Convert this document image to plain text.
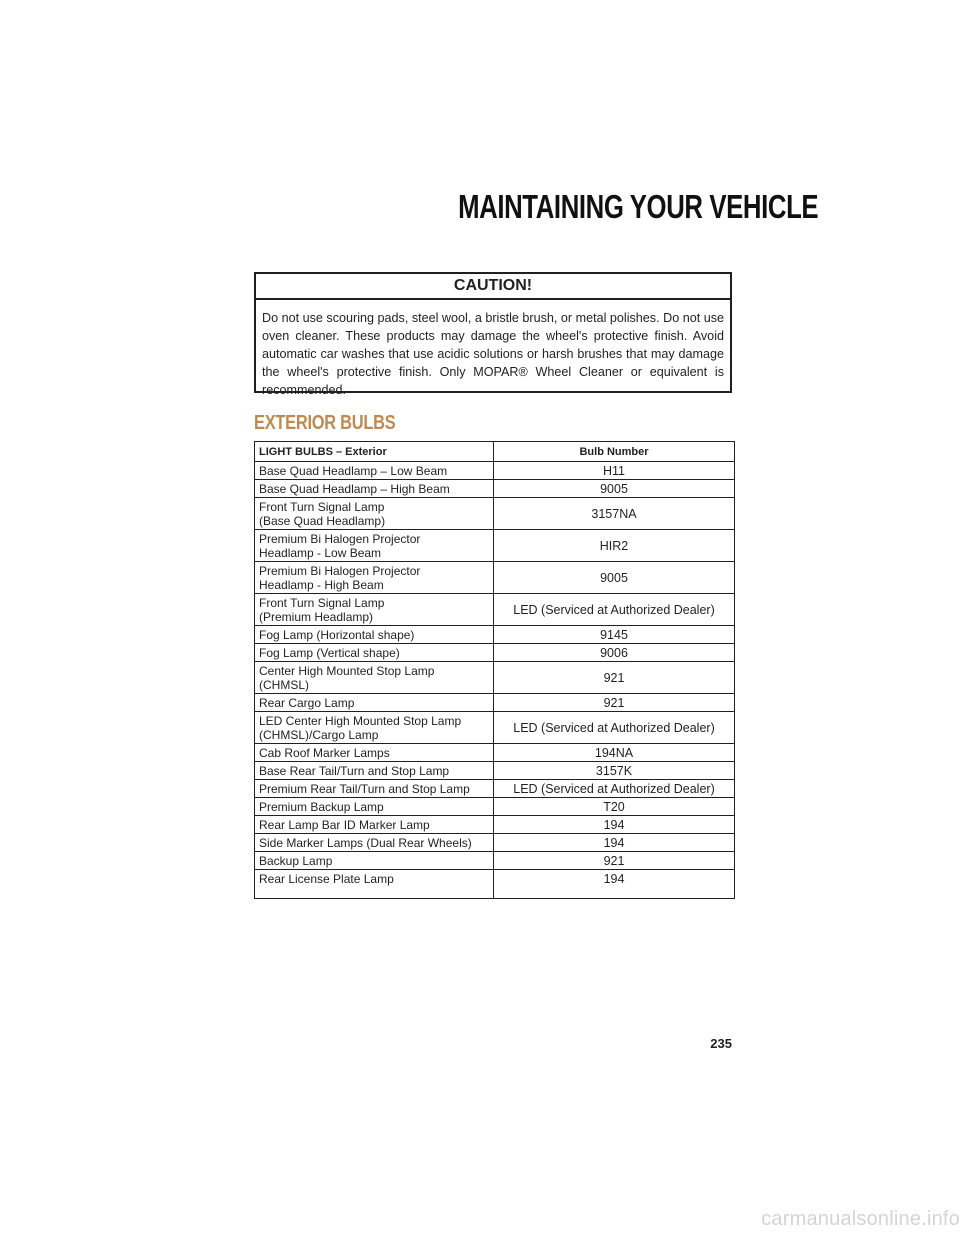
MAINTAINING YOUR VEHICLE
CAUTION!
Do not use scouring pads, steel wool, a bristle brush, or metal polishes. Do not use oven cleaner. These products may damage the wheel's protective finish. Avoid automatic car washes that use acidic solutions or harsh brushes that may damage the wheel's protective finish. Only MOPAR® Wheel Cleaner or equivalent is recommended.
EXTERIOR BULBS
LIGHT BULBS – Exterior	Bulb Number
Base Quad Headlamp – Low Beam	H11
Base Quad Headlamp – High Beam	9005
Front Turn Signal Lamp
(Base Quad Headlamp)	3157NA
Premium Bi Halogen Projector
Headlamp - Low Beam	HIR2
Premium Bi Halogen Projector
Headlamp - High Beam	9005
Front Turn Signal Lamp
(Premium Headlamp)	LED (Serviced at Authorized Dealer)
Fog Lamp (Horizontal shape)	9145
Fog Lamp (Vertical shape)	9006
Center High Mounted Stop Lamp
(CHMSL)	921
Rear Cargo Lamp	921
LED Center High Mounted Stop Lamp
(CHMSL)/Cargo Lamp	LED (Serviced at Authorized Dealer)
Cab Roof Marker Lamps	194NA
Base Rear Tail/Turn and Stop Lamp	3157K
Premium Rear Tail/Turn and Stop Lamp	LED (Serviced at Authorized Dealer)
Premium Backup Lamp	T20
Rear Lamp Bar ID Marker Lamp	194
Side Marker Lamps (Dual Rear Wheels)	194
Backup Lamp	921
Rear License Plate Lamp	194
235
carmanualsonline.info
